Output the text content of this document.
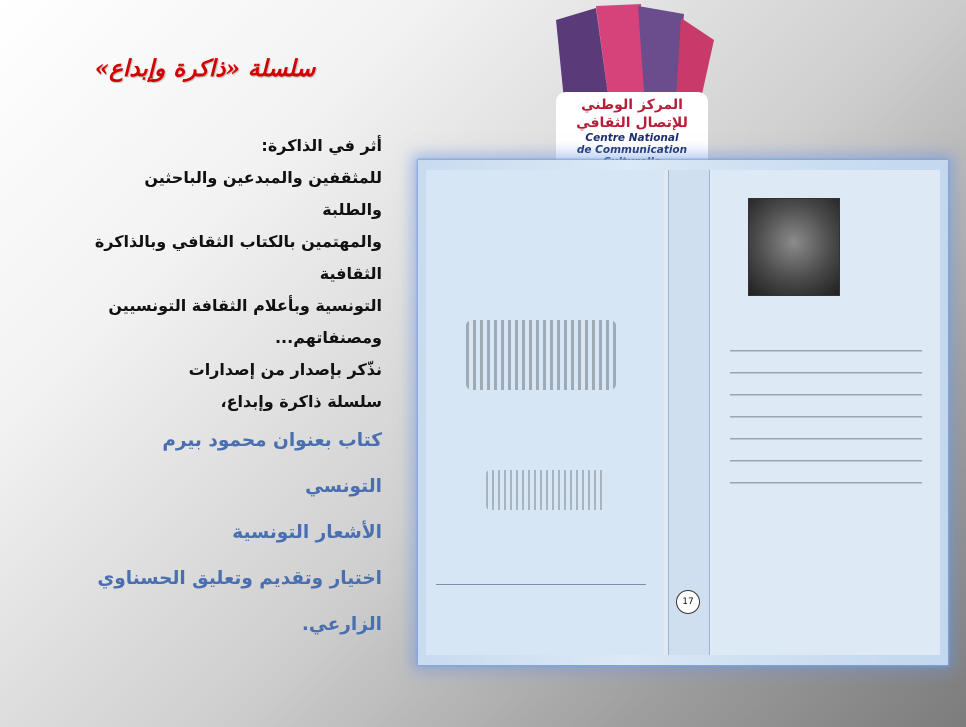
سلسلة «ذاكرة وإبداع»
المركز الوطني
للإتصال الثقافي
Centre National
de Communication

أثر في الذاكرة:

للمثقفين والمبدعين والباحثين والطلبة

والمهتمين بالكتاب الثقافي وبالذاكرة الثقافية

التونسية وبأعلام الثقافة التونسيين

ومصنفاتهم...

نذّكر بإصدار من إصدارات

سلسلة ذاكرة وإبداع،

كتاب بعنوان محمود بيرم التونسي

الأشعار التونسية

اختيار وتقديم وتعليق الحسناوي

الزارعي.

17
